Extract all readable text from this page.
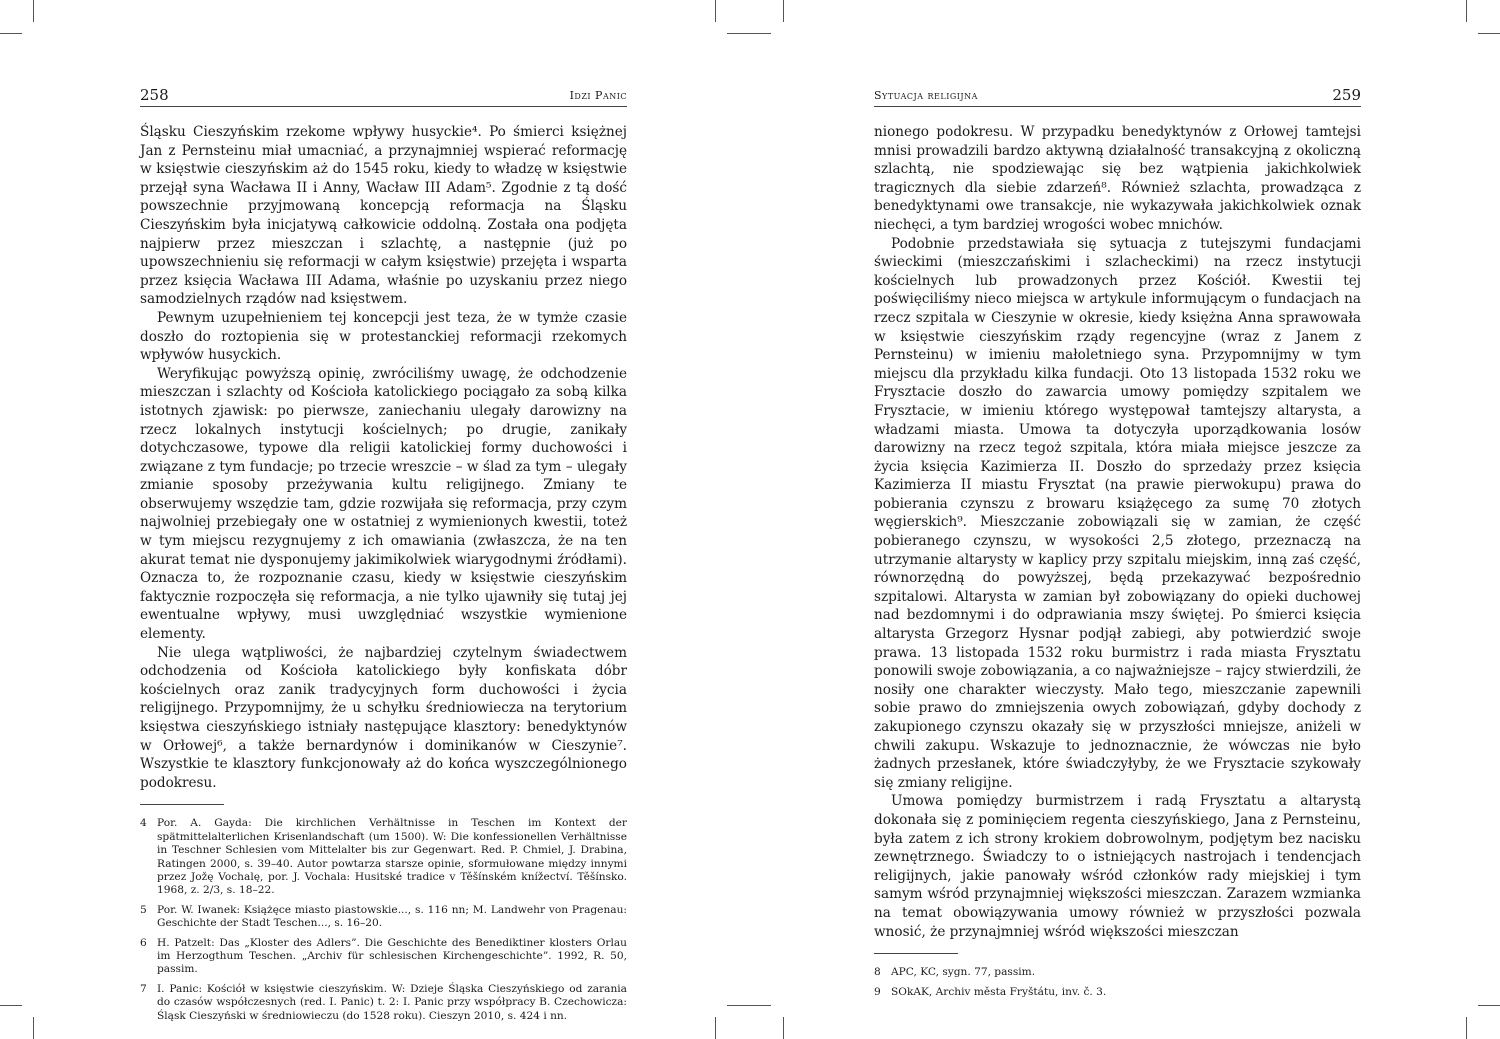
258	Idzi Panic

Śląsku Cieszyńskim rzekome wpływy husyckie⁴. Po śmierci księżnej Jan z Pernsteinu miał umacniać, a przynajmniej wspierać reformację w księstwie cieszyńskim aż do 1545 roku, kiedy to władzę w księstwie przejął syna Wacława II i Anny, Wacław III Adam⁵. Zgodnie z tą dość powszechnie przyjmowaną koncepcją reformacja na Śląsku Cieszyńskim była inicjatywą całkowicie oddolną. Została ona podjęta najpierw przez mieszczan i szlachtę, a następnie (już po upowszechnieniu się reformacji w całym księstwie) przejęta i wsparta przez księcia Wacława III Adama, właśnie po uzyskaniu przez niego samodzielnych rządów nad księstwem.

Pewnym uzupełnieniem tej koncepcji jest teza, że w tymże czasie doszło do roztopienia się w protestanckiej reformacji rzekomych wpływów husyckich.

Weryfikując powyższą opinię, zwróciliśmy uwagę, że odchodzenie mieszczan i szlachty od Kościoła katolickiego pociągało za sobą kilka istotnych zjawisk: po pierwsze, zaniechaniu ulegały darowizny na rzecz lokalnych instytucji kościelnych; po drugie, zanikały dotychczasowe, typowe dla religii katolickiej formy duchowości i związane z tym fundacje; po trzecie wreszcie – w ślad za tym – ulegały zmianie sposoby przeżywania kultu religijnego. Zmiany te obserwujemy wszędzie tam, gdzie rozwijała się reformacja, przy czym najwolniej przebiegały one w ostatniej z wymienionych kwestii, toteż w tym miejscu rezygnujemy z ich omawiania (zwłaszcza, że na ten akurat temat nie dysponujemy jakimikolwiek wiarygodnymi źródłami). Oznacza to, że rozpoznanie czasu, kiedy w księstwie cieszyńskim faktycznie rozpoczęła się reformacja, a nie tylko ujawniły się tutaj jej ewentualne wpływy, musi uwzględniać wszystkie wymienione elementy.

Nie ulega wątpliwości, że najbardziej czytelnym świadectwem odchodzenia od Kościoła katolickiego były konfiskata dóbr kościelnych oraz zanik tradycyjnych form duchowości i życia religijnego. Przypomnijmy, że u schyłku średniowiecza na terytorium księstwa cieszyńskiego istniały następujące klasztory: benedyktynów w Orłowej⁶, a także bernardynów i dominikanów w Cieszynie⁷. Wszystkie te klasztory funkcjonowały aż do końca wyszczególnionego podokresu.

4 Por. A. Gayda: Die kirchlichen Verhältnisse in Teschen im Kontext der spätmittelalterlichen Krisenlandschaft (um 1500). W: Die konfessionellen Verhältnisse in Teschner Schlesien vom Mittelalter bis zur Gegenwart. Red. P. Chmiel, J. Drabina, Ratingen 2000, s. 39–40. Autor powtarza starsze opinie, sformułowane między innymi przez Jožę Vochalę, por. J. Vochala: Husitské tradice v Těšínském knížectví. Těšínsko. 1968, z. 2/3, s. 18–22.
5 Por. W. Iwanek: Książęce miasto piastowskie..., s. 116 nn; M. Landwehr von Pragenau: Geschichte der Stadt Teschen..., s. 16–20.
6 H. Patzelt: Das „Kloster des Adlers”. Die Geschichte des Benediktiner klosters Orlau im Herzogthum Teschen. „Archiv für schlesischen Kirchengeschichte”. 1992, R. 50, passim.
7 I. Panic: Kościół w księstwie cieszyńskim. W: Dzieje Śląska Cieszyńskiego od zarania do czasów współczesnych (red. I. Panic) t. 2: I. Panic przy współpracy B. Czechowicza: Śląsk Cieszyński w średniowieczu (do 1528 roku). Cieszyn 2010, s. 424 i nn.
Sytuacja religijna	259

nionego podokresu. W przypadku benedyktynów z Orłowej tamtejsi mnisi prowadzili bardzo aktywną działalność transakcyjną z okoliczną szlachtą, nie spodziewając się bez wątpienia jakichkolwiek tragicznych dla siebie zdarzeń⁸. Również szlachta, prowadząca z benedyktynami owe transakcje, nie wykazywała jakichkolwiek oznak niechęci, a tym bardziej wrogości wobec mnichów.

Podobnie przedstawiała się sytuacja z tutejszymi fundacjami świeckimi (mieszczańskimi i szlacheckimi) na rzecz instytucji kościelnych lub prowadzonych przez Kościół. Kwestii tej poświęciliśmy nieco miejsca w artykule informującym o fundacjach na rzecz szpitala w Cieszynie w okresie, kiedy księżna Anna sprawowała w księstwie cieszyńskim rządy regencyjne (wraz z Janem z Pernsteinu) w imieniu małoletniego syna. Przypomnijmy w tym miejscu dla przykładu kilka fundacji. Oto 13 listopada 1532 roku we Frysztacie doszło do zawarcia umowy pomiędzy szpitalem we Frysztacie, w imieniu którego występował tamtejszy altarysta, a władzami miasta. Umowa ta dotyczyła uporządkowania losów darowizny na rzecz tegoż szpitala, która miała miejsce jeszcze za życia księcia Kazimierza II. Doszło do sprzedaży przez księcia Kazimierza II miastu Frysztat (na prawie pierwokupu) prawa do pobierania czynszu z browaru książęcego za sumę 70 złotych węgierskich⁹. Mieszczanie zobowiązali się w zamian, że część pobieranego czynszu, w wysokości 2,5 złotego, przeznaczą na utrzymanie altarysty w kaplicy przy szpitalu miejskim, inną zaś część, równorzędną do powyższej, będą przekazywać bezpośrednio szpitalowi. Altarysta w zamian był zobowiązany do opieki duchowej nad bezdomnymi i do odprawiania mszy świętej. Po śmierci księcia altarysta Grzegorz Hysnar podjął zabiegi, aby potwierdzić swoje prawa. 13 listopada 1532 roku burmistrz i rada miasta Frysztatu ponowili swoje zobowiązania, a co najważniejsze – rajcy stwierdzili, że nosiły one charakter wieczysty. Mało tego, mieszczanie zapewnili sobie prawo do zmniejszenia owych zobowiązań, gdyby dochody z zakupionego czynszu okazały się w przyszłości mniejsze, aniżeli w chwili zakupu. Wskazuje to jednoznacznie, że wówczas nie było żadnych przesłanek, które świadczyłyby, że we Frysztacie szykowały się zmiany religijne.

Umowa pomiędzy burmistrzem i radą Frysztatu a altarystą dokonała się z pominięciem regenta cieszyńskiego, Jana z Pernsteinu, była zatem z ich strony krokiem dobrowolnym, podjętym bez nacisku zewnętrznego. Świadczy to o istniejących nastrojach i tendencjach religijnych, jakie panowały wśród członków rady miejskiej i tym samym wśród przynajmniej większości mieszczan. Zarazem wzmianka na temat obowiązywania umowy również w przyszłości pozwala wnosić, że przynajmniej wśród większości mieszczan

8 APC, KC, sygn. 77, passim.
9 SOkAK, Archiv města Fryštátu, inv. č. 3.
